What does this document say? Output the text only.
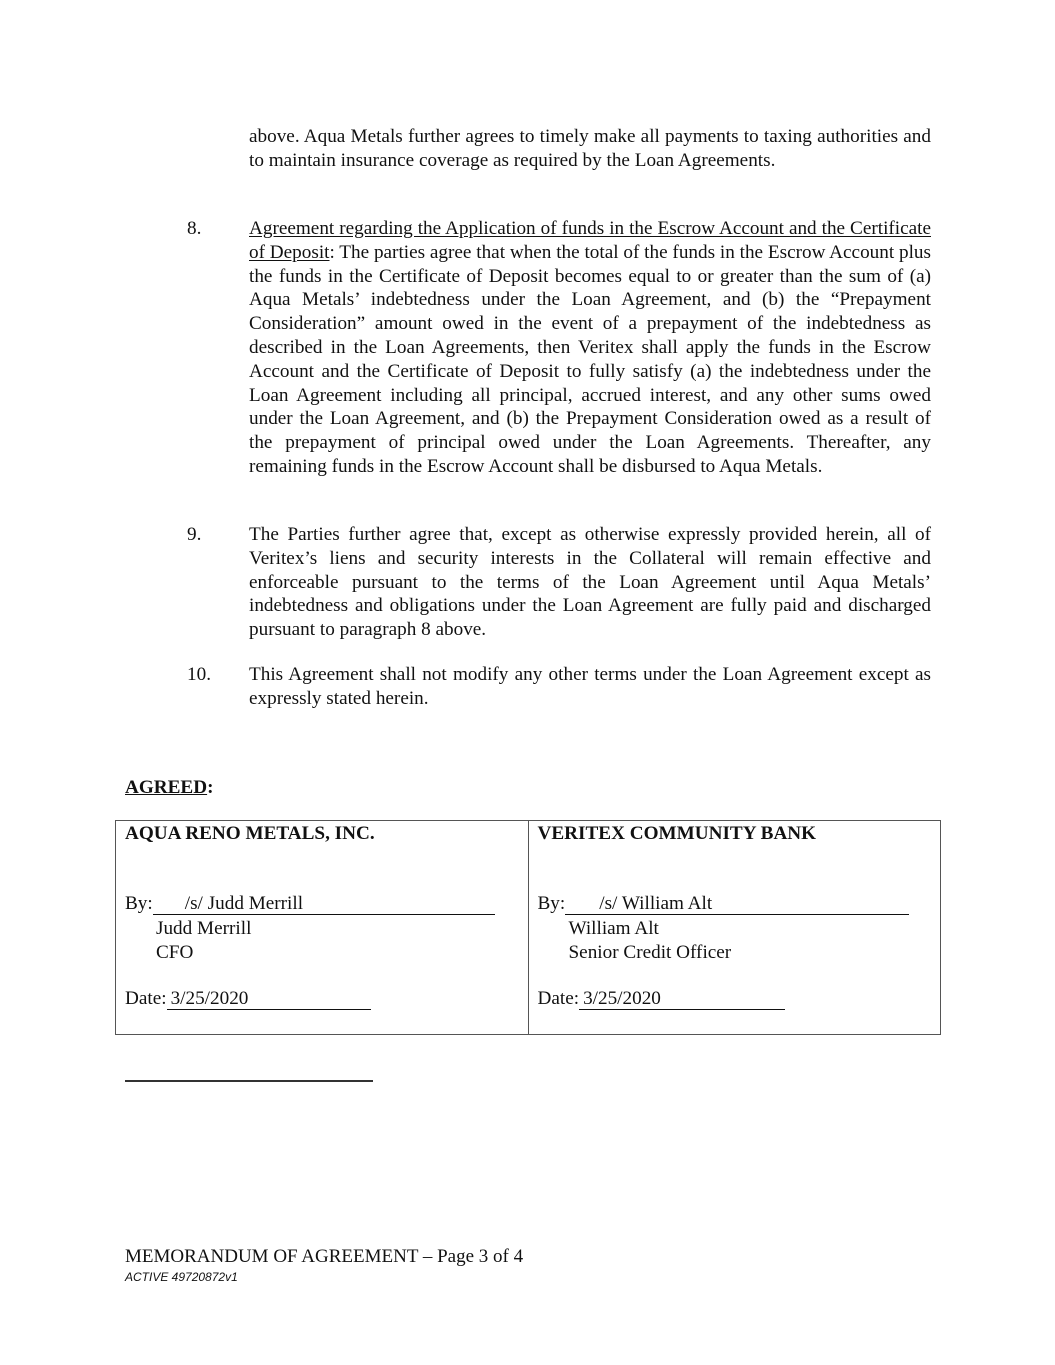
above. Aqua Metals further agrees to timely make all payments to taxing authorities and to maintain insurance coverage as required by the Loan Agreements.
8. Agreement regarding the Application of funds in the Escrow Account and the Certificate of Deposit: The parties agree that when the total of the funds in the Escrow Account plus the funds in the Certificate of Deposit becomes equal to or greater than the sum of (a) Aqua Metals’ indebtedness under the Loan Agreement, and (b) the “Prepayment Consideration” amount owed in the event of a prepayment of the indebtedness as described in the Loan Agreements, then Veritex shall apply the funds in the Escrow Account and the Certificate of Deposit to fully satisfy (a) the indebtedness under the Loan Agreement including all principal, accrued interest, and any other sums owed under the Loan Agreement, and (b) the Prepayment Consideration owed as a result of the prepayment of principal owed under the Loan Agreements. Thereafter, any remaining funds in the Escrow Account shall be disbursed to Aqua Metals.
9. The Parties further agree that, except as otherwise expressly provided herein, all of Veritex’s liens and security interests in the Collateral will remain effective and enforceable pursuant to the terms of the Loan Agreement until Aqua Metals’ indebtedness and obligations under the Loan Agreement are fully paid and discharged pursuant to paragraph 8 above.
10. This Agreement shall not modify any other terms under the Loan Agreement except as expressly stated herein.
AGREED:
AQUA RENO METALS, INC.
By: /s/ Judd Merrill
Judd Merrill
CFO
Date: 3/25/2020

VERITEX COMMUNITY BANK
By: /s/ William Alt
William Alt
Senior Credit Officer
Date: 3/25/2020
MEMORANDUM OF AGREEMENT – Page 3 of 4
ACTIVE 49720872v1
